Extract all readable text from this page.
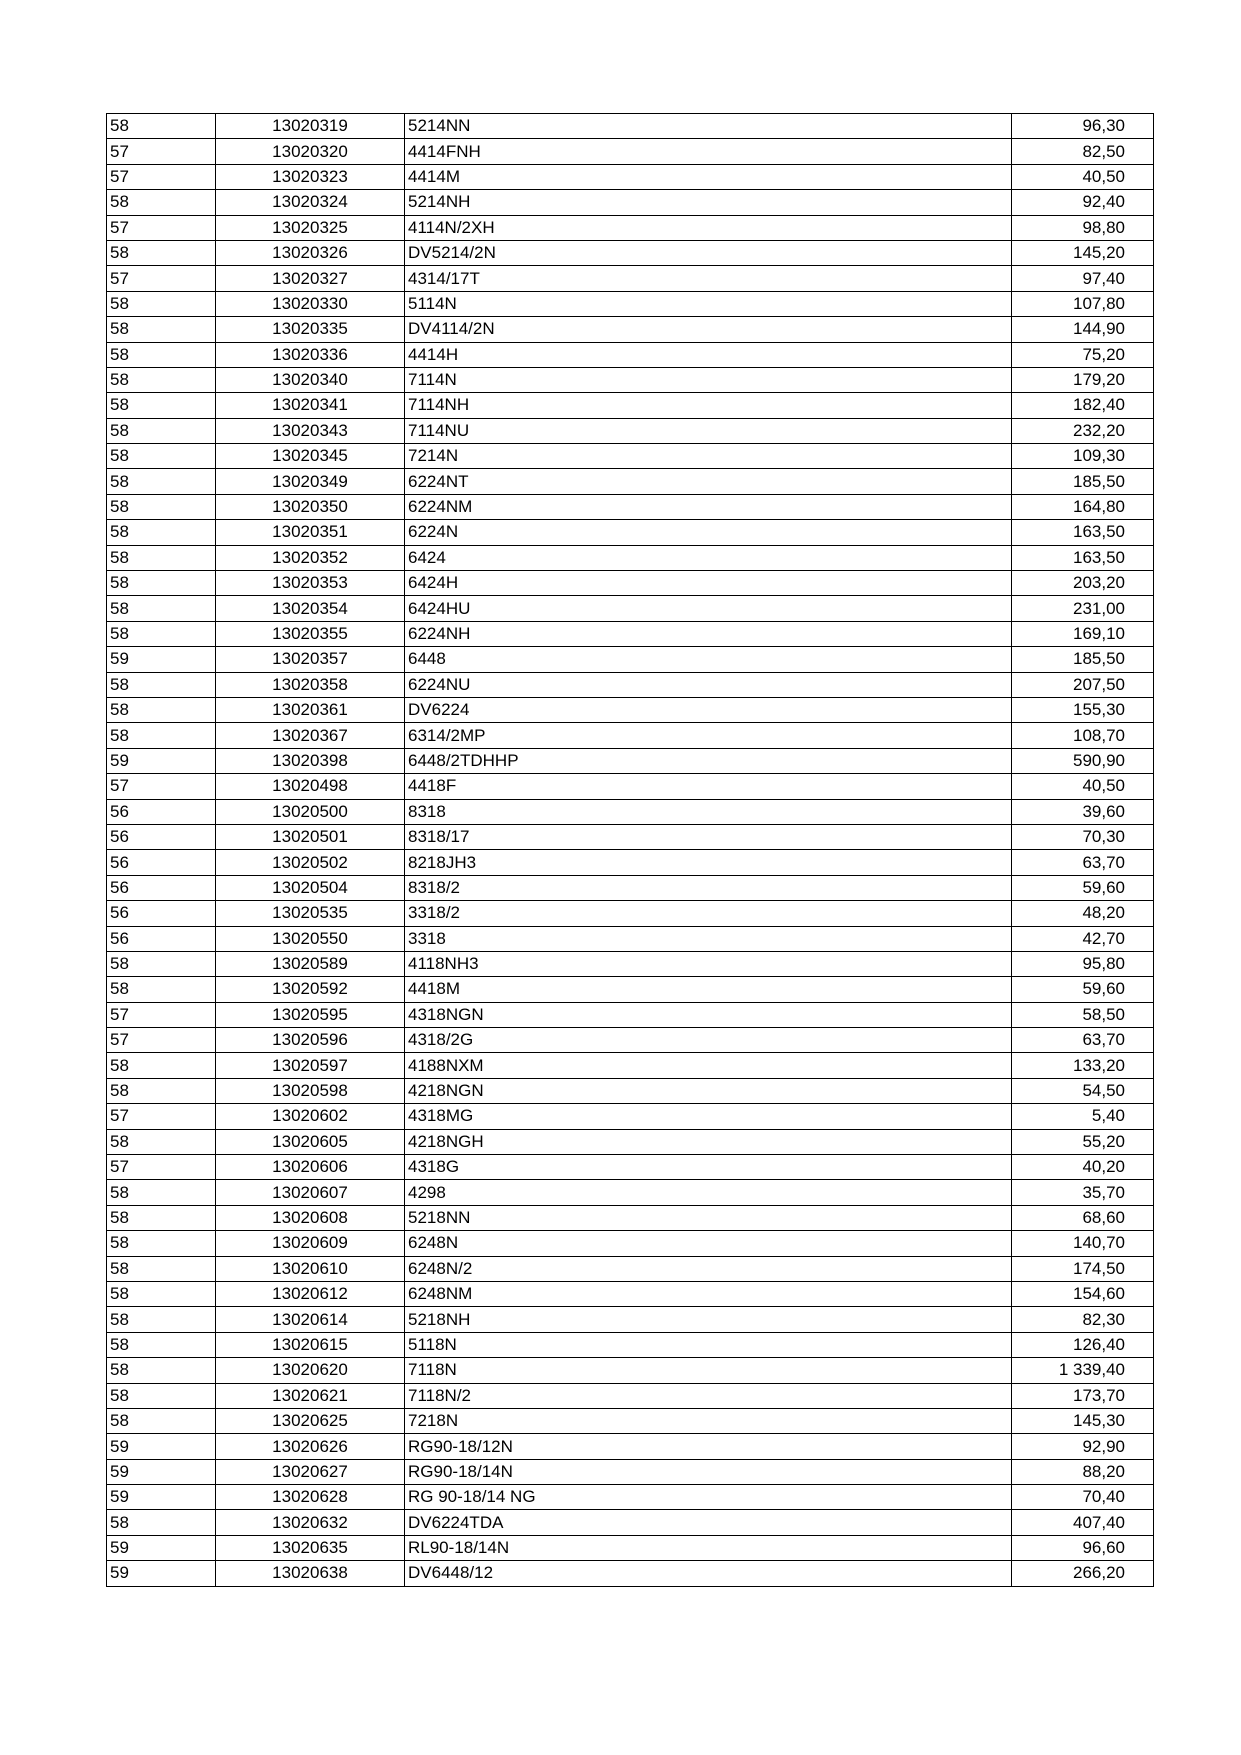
58	13020319	5214NN	96,30
57	13020320	4414FNH	82,50
57	13020323	4414M	40,50
58	13020324	5214NH	92,40
57	13020325	4114N/2XH	98,80
58	13020326	DV5214/2N	145,20
57	13020327	4314/17T	97,40
58	13020330	5114N	107,80
58	13020335	DV4114/2N	144,90
58	13020336	4414H	75,20
58	13020340	7114N	179,20
58	13020341	7114NH	182,40
58	13020343	7114NU	232,20
58	13020345	7214N	109,30
58	13020349	6224NT	185,50
58	13020350	6224NM	164,80
58	13020351	6224N	163,50
58	13020352	6424	163,50
58	13020353	6424H	203,20
58	13020354	6424HU	231,00
58	13020355	6224NH	169,10
59	13020357	6448	185,50
58	13020358	6224NU	207,50
58	13020361	DV6224	155,30
58	13020367	6314/2MP	108,70
59	13020398	6448/2TDHHP	590,90
57	13020498	4418F	40,50
56	13020500	8318	39,60
56	13020501	8318/17	70,30
56	13020502	8218JH3	63,70
56	13020504	8318/2	59,60
56	13020535	3318/2	48,20
56	13020550	3318	42,70
58	13020589	4118NH3	95,80
58	13020592	4418M	59,60
57	13020595	4318NGN	58,50
57	13020596	4318/2G	63,70
58	13020597	4188NXM	133,20
58	13020598	4218NGN	54,50
57	13020602	4318MG	5,40
58	13020605	4218NGH	55,20
57	13020606	4318G	40,20
58	13020607	4298	35,70
58	13020608	5218NN	68,60
58	13020609	6248N	140,70
58	13020610	6248N/2	174,50
58	13020612	6248NM	154,60
58	13020614	5218NH	82,30
58	13020615	5118N	126,40
58	13020620	7118N	1 339,40
58	13020621	7118N/2	173,70
58	13020625	7218N	145,30
59	13020626	RG90-18/12N	92,90
59	13020627	RG90-18/14N	88,20
59	13020628	RG 90-18/14 NG	70,40
58	13020632	DV6224TDA	407,40
59	13020635	RL90-18/14N	96,60
59	13020638	DV6448/12	266,20
